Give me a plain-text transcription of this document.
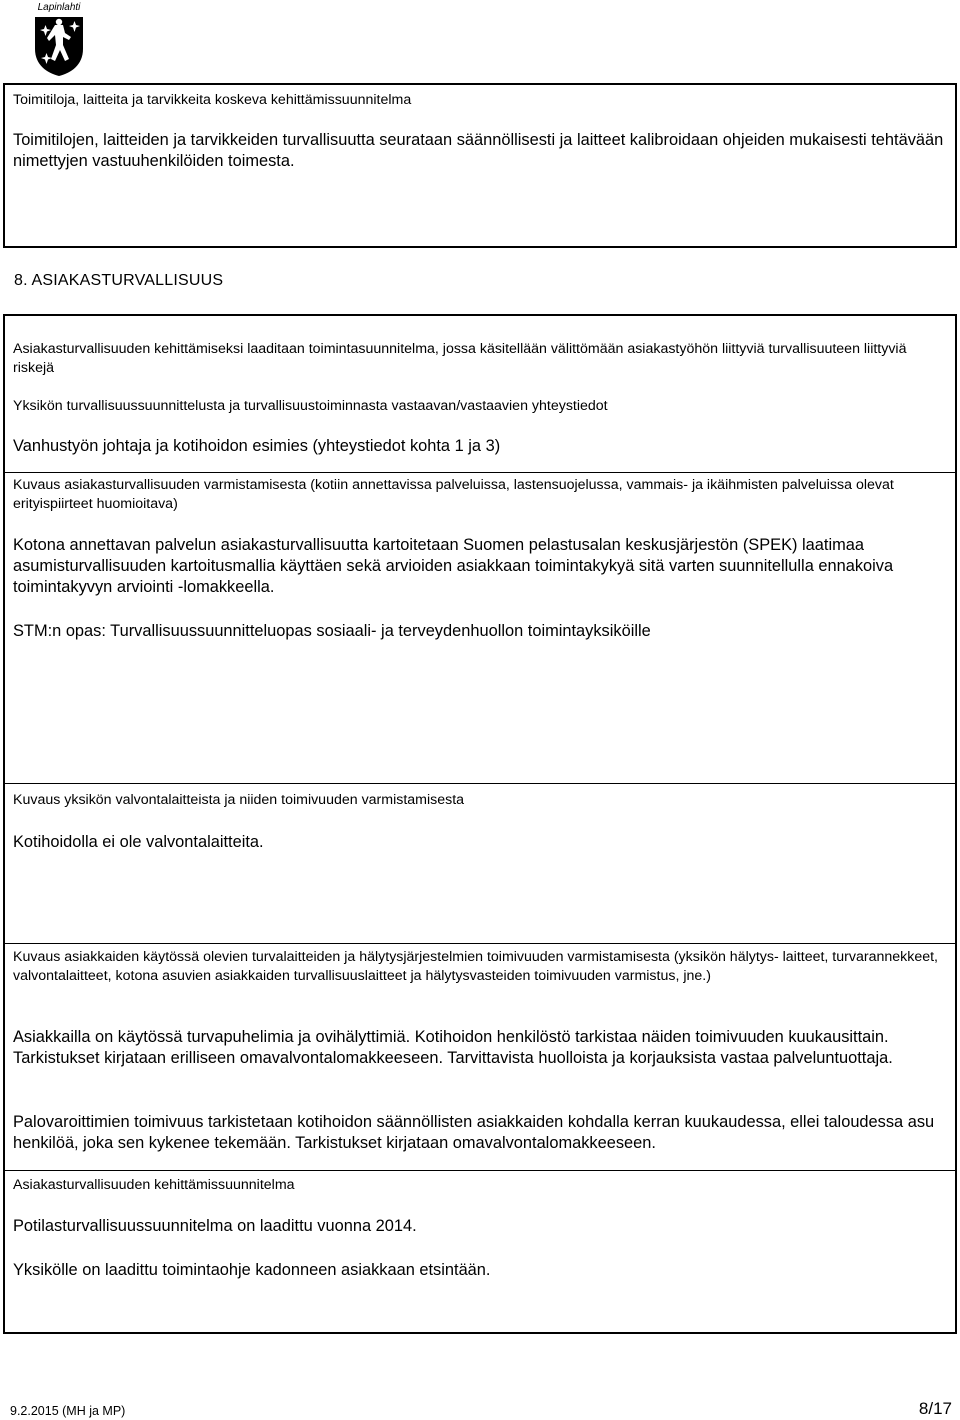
Lapinlahti

Toimitiloja, laitteita ja tarvikkeita koskeva kehittämissuunnitelma

Toimitilojen, laitteiden ja tarvikkeiden turvallisuutta seurataan säännöllisesti ja laitteet kalibroidaan ohjeiden mukaisesti tehtävään nimettyjen vastuuhenkilöiden toimesta.

8. ASIAKASTURVALLISUUS

Asiakasturvallisuuden kehittämiseksi laaditaan toimintasuunnitelma, jossa käsitellään välittömään asiakastyöhön liittyviä turvallisuuteen liittyviä riskejä

Yksikön turvallisuussuunnittelusta ja turvallisuustoiminnasta vastaavan/vastaavien yhteystiedot

Vanhustyön johtaja ja kotihoidon esimies (yhteystiedot kohta 1 ja 3)

Kuvaus asiakasturvallisuuden varmistamisesta (kotiin annettavissa palveluissa, lastensuojelussa, vammais- ja ikäihmisten palveluissa olevat erityispiirteet huomioitava)

Kotona annettavan palvelun asiakasturvallisuutta kartoitetaan Suomen pelastusalan keskusjärjestön (SPEK) laatimaa asumisturvallisuuden kartoitusmallia käyttäen sekä arvioiden asiakkaan toimintakykyä sitä varten suunnitellulla ennakoiva toimintakyvyn arviointi -lomakkeella.

STM:n opas: Turvallisuussuunnitteluopas sosiaali- ja terveydenhuollon toimintayksiköille

Kuvaus yksikön valvontalaitteista ja niiden toimivuuden varmistamisesta

Kotihoidolla ei ole valvontalaitteita.

Kuvaus asiakkaiden käytössä olevien turvalaitteiden ja hälytysjärjestelmien toimivuuden varmistamisesta (yksikön hälytys- laitteet, turvarannekkeet, valvontalaitteet, kotona asuvien asiakkaiden turvallisuuslaitteet ja hälytysvasteiden toimivuuden varmistus, jne.)

Asiakkailla on käytössä turvapuhelimia ja ovihälyttimiä. Kotihoidon henkilöstö tarkistaa näiden toimivuuden kuukausittain. Tarkistukset kirjataan erilliseen omavalvontalomakkeeseen. Tarvittavista huolloista ja korjauksista vastaa palveluntuottaja.

Palovaroittimien toimivuus tarkistetaan kotihoidon säännöllisten asiakkaiden kohdalla kerran kuukaudessa, ellei taloudessa asu henkilöä, joka sen kykenee tekemään. Tarkistukset kirjataan omavalvontalomakkeeseen.

Asiakasturvallisuuden kehittämissuunnitelma

Potilasturvallisuussuunnitelma on laadittu vuonna 2014.

Yksikölle on laadittu toimintaohje kadonneen asiakkaan etsintään.

9.2.2015 (MH ja MP)	8/17
